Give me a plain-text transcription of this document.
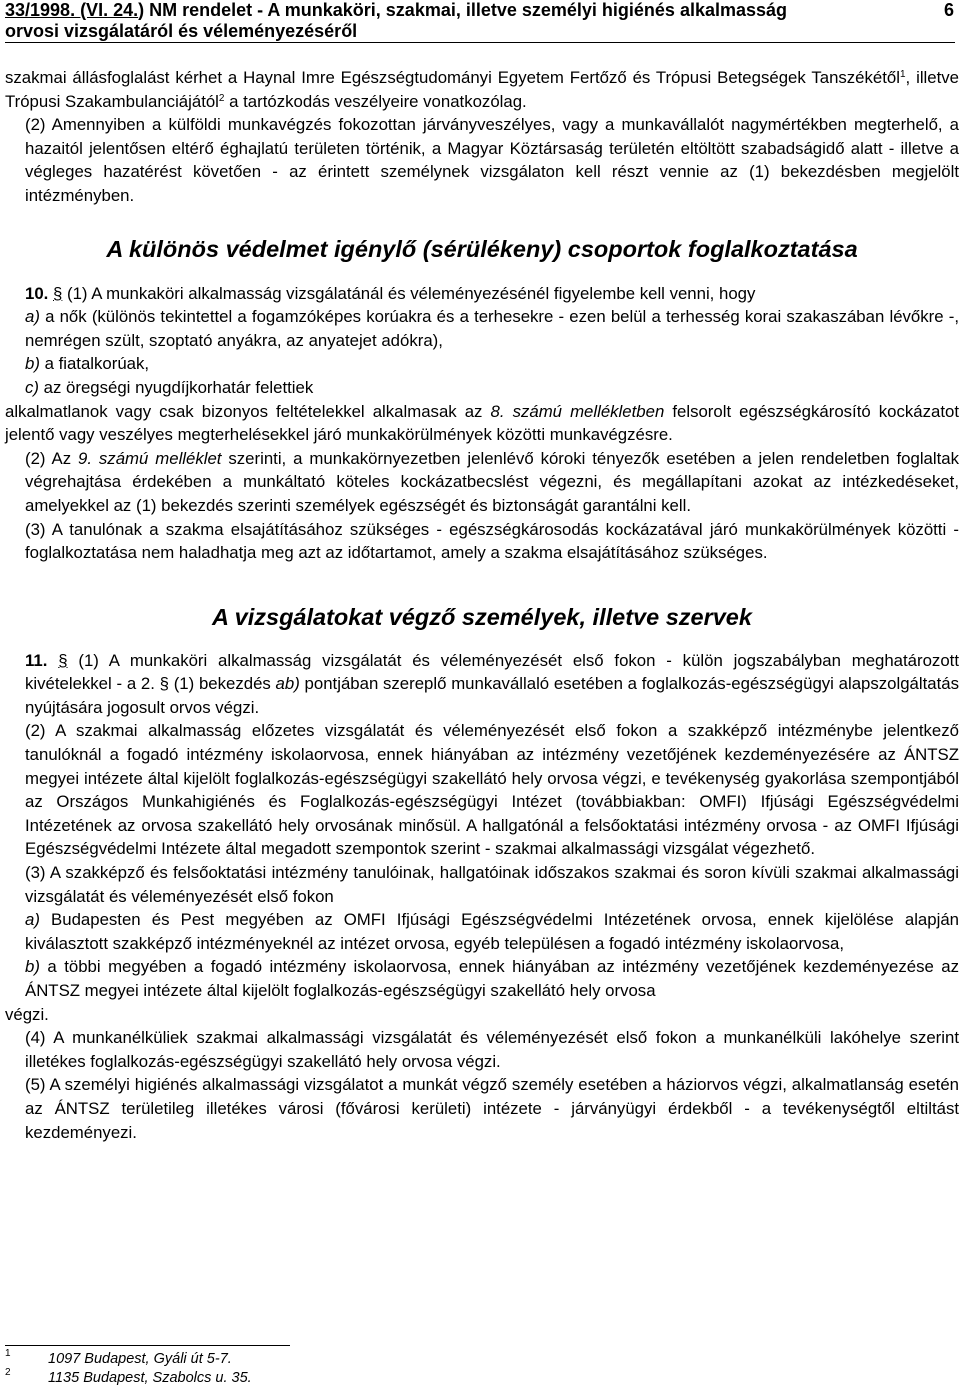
33/1998. (VI. 24.) NM rendelet - A munkaköri, szakmai, illetve személyi higiénés alkalmasság
orvosi vizsgálatáról és véleményezéséről
6

szakmai állásfoglalást kérhet a Haynal Imre Egészségtudományi Egyetem Fertőző és Trópusi Betegségek Tanszékétől$^1$, illetve Trópusi Szakambulanciájától$^2$ a tartózkodás veszélyeire vonatkozólag.

(2) Amennyiben a külföldi munkavégzés fokozottan járványveszélyes, vagy a munkavállalót nagymértékben megterhelő, a hazaitól jelentősen eltérő éghajlatú területen történik, a Magyar Köztársaság területén eltöltött szabadságidő alatt - illetve a végleges hazatérést követően - az érintett személynek vizsgálaton kell részt vennie az (1) bekezdésben megjelölt intézményben.

A különös védelmet igénylő (sérülékeny) csoportok foglalkoztatása

10. § (1) A munkaköri alkalmasság vizsgálatánál és véleményezésénél figyelembe kell venni, hogy

a) a nők (különös tekintettel a fogamzóképes korúakra és a terhesekre - ezen belül a terhesség korai szakaszában lévőkre -, nemrégen szült, szoptató anyákra, az anyatejet adókra),

b) a fiatalkorúak,

c) az öregségi nyugdíjkorhatár felettiek

alkalmatlanok vagy csak bizonyos feltételekkel alkalmasak az 8. számú mellékletben felsorolt egészségkárosító kockázatot jelentő vagy veszélyes megterhelésekkel járó munkakörülmények közötti munkavégzésre.

(2) Az 9. számú melléklet szerinti, a munkakörnyezetben jelenlévő kóroki tényezők esetében a jelen rendeletben foglaltak végrehajtása érdekében a munkáltató köteles kockázatbecslést végezni, és megállapítani azokat az intézkedéseket, amelyekkel az (1) bekezdés szerinti személyek egészségét és biztonságát garantálni kell.

(3) A tanulónak a szakma elsajátításához szükséges - egészségkárosodás kockázatával járó munkakörülmények közötti - foglalkoztatása nem haladhatja meg azt az időtartamot, amely a szakma elsajátításához szükséges.

A vizsgálatokat végző személyek, illetve szervek

11. § (1) A munkaköri alkalmasság vizsgálatát és véleményezését első fokon - külön jogszabályban meghatározott kivételekkel - a 2. § (1) bekezdés ab) pontjában szereplő munkavállaló esetében a foglalkozás-egészségügyi alapszolgáltatás nyújtására jogosult orvos végzi.

(2) A szakmai alkalmasság előzetes vizsgálatát és véleményezését első fokon a szakképző intézménybe jelentkező tanulóknál a fogadó intézmény iskolaorvosa, ennek hiányában az intézmény vezetőjének kezdeményezésére az ÁNTSZ megyei intézete által kijelölt foglalkozás-egészségügyi szakellátó hely orvosa végzi, e tevékenység gyakorlása szempontjából az Országos Munkahigiénés és Foglalkozás-egészségügyi Intézet (továbbiakban: OMFI) Ifjúsági Egészségvédelmi Intézetének az orvosa szakellátó hely orvosának minősül. A hallgatónál a felsőoktatási intézmény orvosa - az OMFI Ifjúsági Egészségvédelmi Intézete által megadott szempontok szerint - szakmai alkalmassági vizsgálat végezhető.

(3) A szakképző és felsőoktatási intézmény tanulóinak, hallgatóinak időszakos szakmai és soron kívüli szakmai alkalmassági vizsgálatát és véleményezését első fokon

a) Budapesten és Pest megyében az OMFI Ifjúsági Egészségvédelmi Intézetének orvosa, ennek kijelölése alapján kiválasztott szakképző intézményeknél az intézet orvosa, egyéb településen a fogadó intézmény iskolaorvosa,

b) a többi megyében a fogadó intézmény iskolaorvosa, ennek hiányában az intézmény vezetőjének kezdeményezése az ÁNTSZ megyei intézete által kijelölt foglalkozás-egészségügyi szakellátó hely orvosa

végzi.

(4) A munkanélküliek szakmai alkalmassági vizsgálatát és véleményezését első fokon a munkanélküli lakóhelye szerint illetékes foglalkozás-egészségügyi szakellátó hely orvosa végzi.

(5) A személyi higiénés alkalmassági vizsgálatot a munkát végző személy esetében a háziorvos végzi, alkalmatlanság esetén az ÁNTSZ területileg illetékes városi (fővárosi kerületi) intézete - járványügyi érdekből - a tevékenységtől eltiltást kezdeményezi.

1	1097 Budapest, Gyáli út 5-7.
2	1135 Budapest, Szabolcs u. 35.
